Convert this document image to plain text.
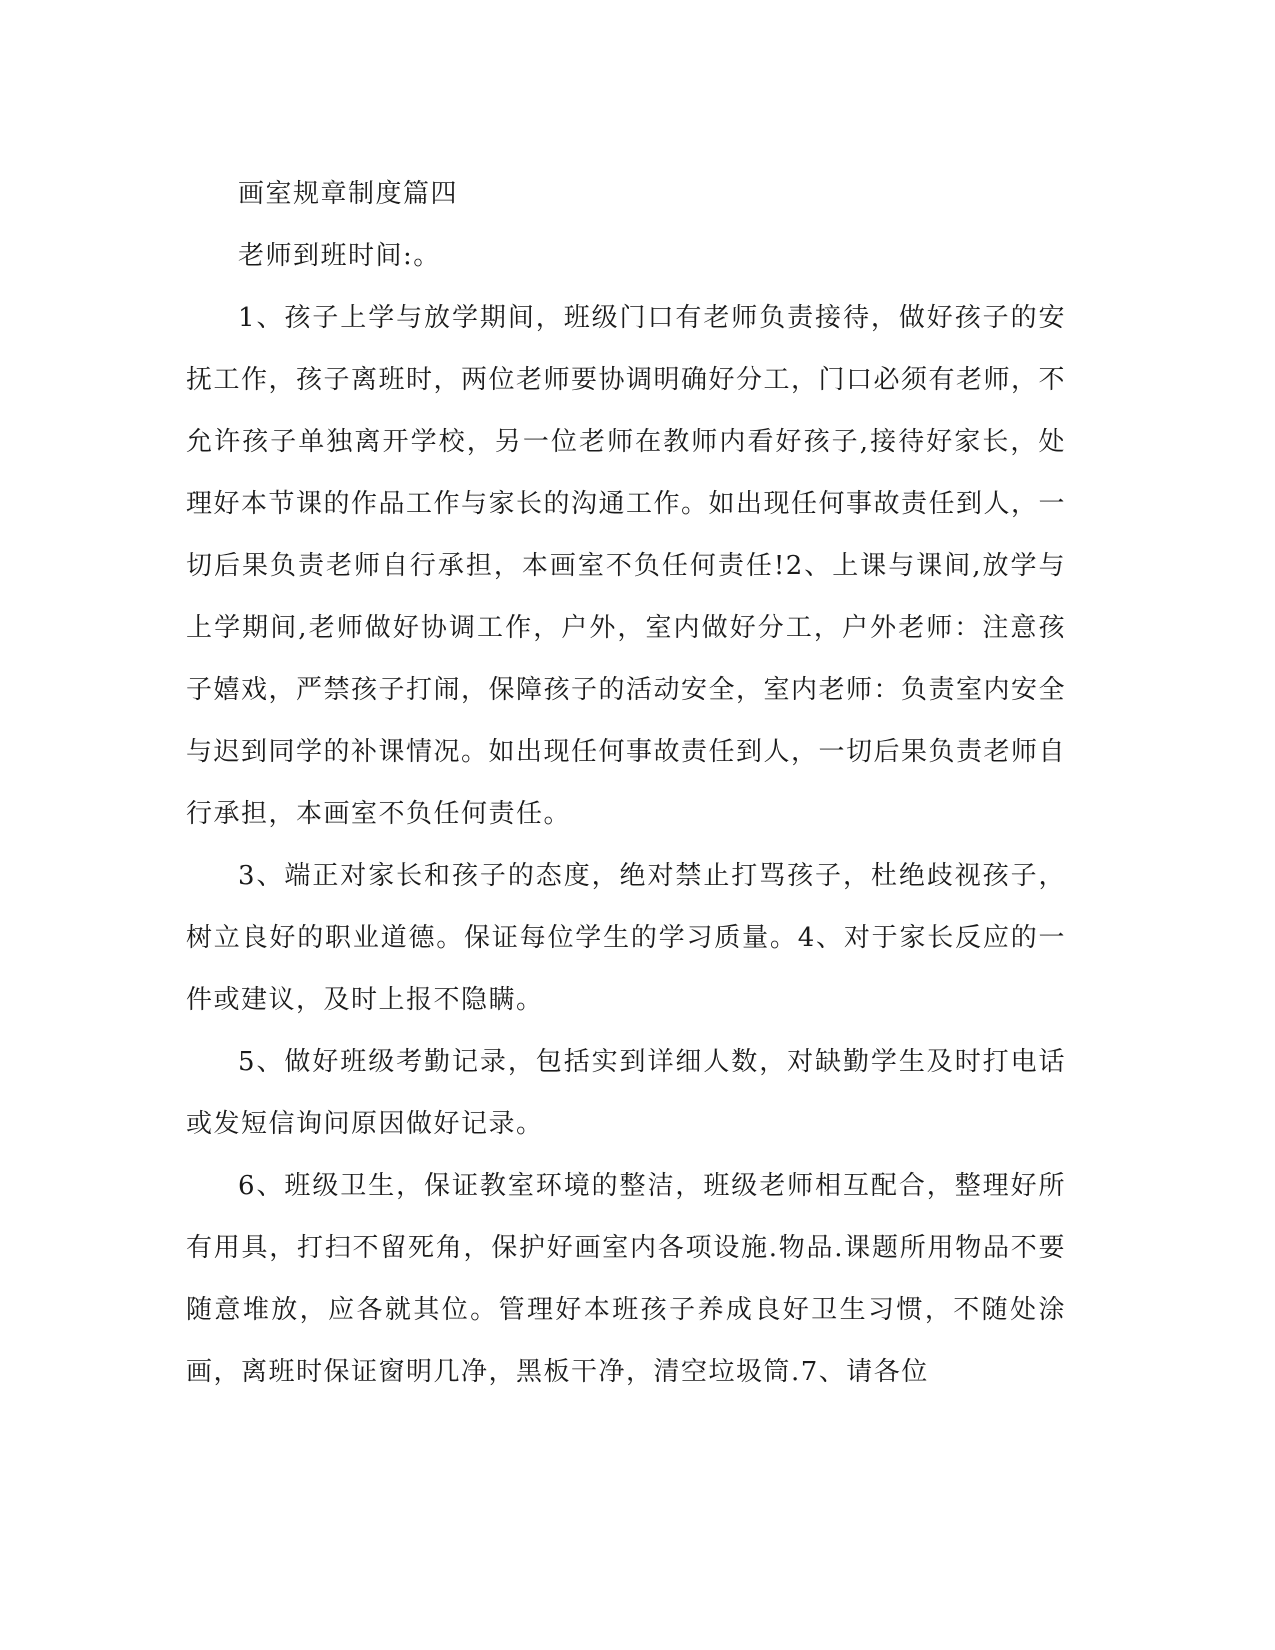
画室规章制度篇四

老师到班时间:。

1、孩子上学与放学期间，班级门口有老师负责接待，做好孩子的安抚工作，孩子离班时，两位老师要协调明确好分工，门口必须有老师，不允许孩子单独离开学校，另一位老师在教师内看好孩子,接待好家长，处理好本节课的作品工作与家长的沟通工作。如出现任何事故责任到人，一切后果负责老师自行承担，本画室不负任何责任!2、上课与课间,放学与上学期间,老师做好协调工作，户外，室内做好分工，户外老师：注意孩子嬉戏，严禁孩子打闹，保障孩子的活动安全，室内老师：负责室内安全与迟到同学的补课情况。如出现任何事故责任到人，一切后果负责老师自行承担，本画室不负任何责任。

3、端正对家长和孩子的态度，绝对禁止打骂孩子，杜绝歧视孩子，树立良好的职业道德。保证每位学生的学习质量。4、对于家长反应的一件或建议，及时上报不隐瞒。

5、做好班级考勤记录，包括实到详细人数，对缺勤学生及时打电话或发短信询问原因做好记录。

6、班级卫生，保证教室环境的整洁，班级老师相互配合，整理好所有用具，打扫不留死角，保护好画室内各项设施.物品.课题所用物品不要随意堆放，应各就其位。管理好本班孩子养成良好卫生习惯，不随处涂画，离班时保证窗明几净，黑板干净，清空垃圾筒.7、请各位
